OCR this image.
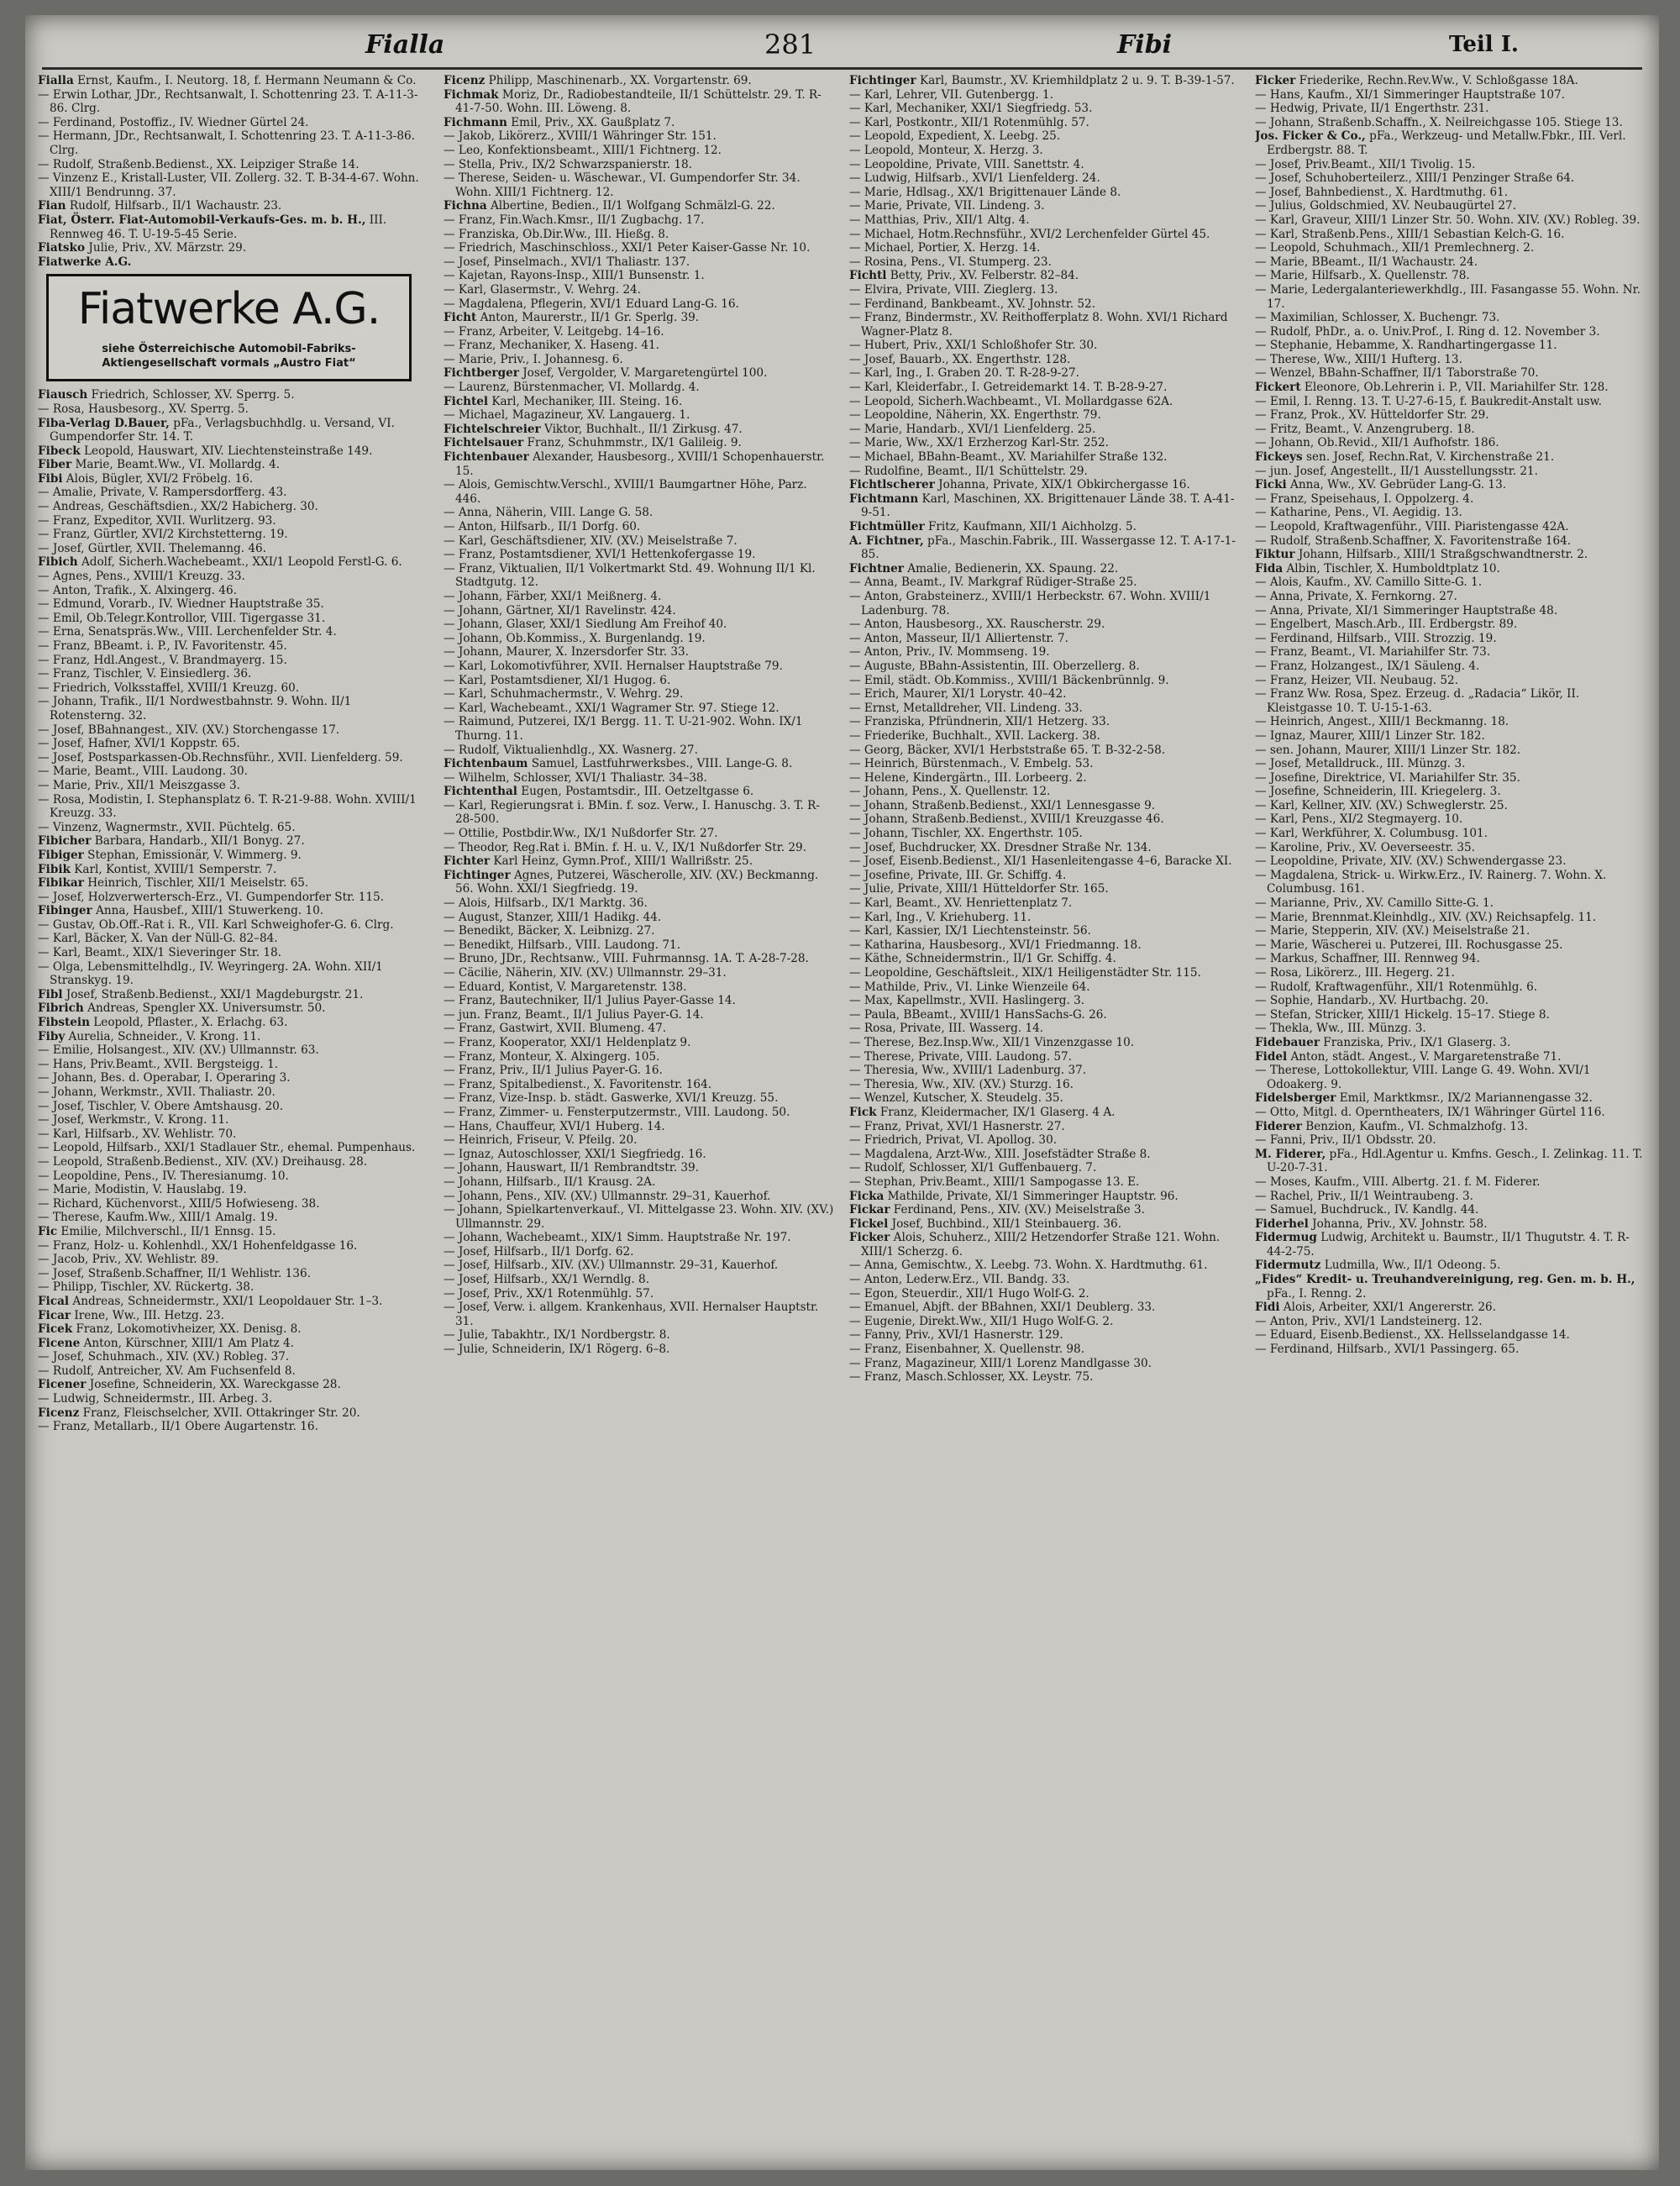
Fialla	281	Fibi	Teil I.

Fialla Ernst, Kaufm., I. Neutorg. 18, f. Hermann Neumann & Co.

— Erwin Lothar, JDr., Rechtsanwalt, I. Schottenring 23. T. A-11-3-86. Clrg.

— Ferdinand, Postoffiz., IV. Wiedner Gürtel 24.

— Hermann, JDr., Rechtsanwalt, I. Schottenring 23. T. A-11-3-86. Clrg.

— Rudolf, Straßenb.Bedienst., XX. Leipziger Straße 14.

— Vinzenz E., Kristall-Luster, VII. Zollerg. 32. T. B-34-4-67. Wohn. XIII/1 Bendrunng. 37.

Fian Rudolf, Hilfsarb., II/1 Wachaustr. 23.

Fiat, Österr. Fiat-Automobil-Verkaufs-Ges. m. b. H., III. Rennweg 46. T. U-19-5-45 Serie.

Fiatsko Julie, Priv., XV. Märzstr. 29.

Fiatwerke A.G.

Fiatwerke A.G.
siehe Österreichische Automobil-Fabriks-Aktiengesellschaft vormals „Austro Fiat“

Fiausch Friedrich, Schlosser, XV. Sperrg. 5.

— Rosa, Hausbesorg., XV. Sperrg. 5.

Fiba-Verlag D.Bauer, pFa., Verlagsbuchhdlg. u. Versand, VI. Gumpendorfer Str. 14. T.

Fibeck Leopold, Hauswart, XIV. Liechtensteinstraße 149.

Fiber Marie, Beamt.Ww., VI. Mollardg. 4.

Fibi Alois, Bügler, XVI/2 Fröbelg. 16.

— Amalie, Private, V. Rampersdorfferg. 43.

— Andreas, Geschäftsdien., XX/2 Habicherg. 30.

— Franz, Expeditor, XVII. Wurlitzerg. 93.

— Franz, Gürtler, XVI/2 Kirchstetterng. 19.

— Josef, Gürtler, XVII. Thelemanng. 46.

Fibich Adolf, Sicherh.Wachebeamt., XXI/1 Leopold Ferstl-G. 6.

— Agnes, Pens., XVIII/1 Kreuzg. 33.

— Anton, Trafik., X. Alxingerg. 46.

— Edmund, Vorarb., IV. Wiedner Hauptstraße 35.

— Emil, Ob.Telegr.Kontrollor, VIII. Tigergasse 31.

— Erna, Senatspräs.Ww., VIII. Lerchenfelder Str. 4.

— Franz, BBeamt. i. P., IV. Favoritenstr. 45.

— Franz, Hdl.Angest., V. Brandmayerg. 15.

— Franz, Tischler, V. Einsiedlerg. 36.

— Friedrich, Volksstaffel, XVIII/1 Kreuzg. 60.

— Johann, Trafik., II/1 Nordwestbahnstr. 9. Wohn. II/1 Rotensterng. 32.

— Josef, BBahnangest., XIV. (XV.) Storchengasse 17.

— Josef, Hafner, XVI/1 Koppstr. 65.

— Josef, Postsparkassen-Ob.Rechnsführ., XVII. Lienfelderg. 59.

— Marie, Beamt., VIII. Laudong. 30.

— Marie, Priv., XII/1 Meiszgasse 3.

— Rosa, Modistin, I. Stephansplatz 6. T. R-21-9-88. Wohn. XVIII/1 Kreuzg. 33.

— Vinzenz, Wagnermstr., XVII. Püchtelg. 65.

Fibicher Barbara, Handarb., XII/1 Bonyg. 27.

Fibiger Stephan, Emissionär, V. Wimmerg. 9.

Fibik Karl, Kontist, XVIII/1 Semperstr. 7.

Fibikar Heinrich, Tischler, XII/1 Meiselstr. 65.

— Josef, Holzverwertersch-Erz., VI. Gumpendorfer Str. 115.

Fibinger Anna, Hausbef., XIII/1 Stuwerkeng. 10.

— Gustav, Ob.Off.-Rat i. R., VII. Karl Schweighofer-G. 6. Clrg.

— Karl, Bäcker, X. Van der Nüll-G. 82–84.

— Karl, Beamt., XIX/1 Sieveringer Str. 18.

— Olga, Lebensmittelhdlg., IV. Weyringerg. 2A. Wohn. XII/1 Stranskyg. 19.

Fibl Josef, Straßenb.Bedienst., XXI/1 Magdeburgstr. 21.

Fibrich Andreas, Spengler XX. Universumstr. 50.

Fibstein Leopold, Pflaster., X. Erlachg. 63.

Fiby Aurelia, Schneider., V. Krong. 11.

— Emilie, Holsangest., XIV. (XV.) Ullmannstr. 63.

— Hans, Priv.Beamt., XVII. Bergsteigg. 1.

— Johann, Bes. d. Operabar, I. Operaring 3.

— Johann, Werkmstr., XVII. Thaliastr. 20.

— Josef, Tischler, V. Obere Amtshausg. 20.

— Josef, Werkmstr., V. Krong. 11.

— Karl, Hilfsarb., XV. Wehlistr. 70.

— Leopold, Hilfsarb., XXI/1 Stadlauer Str., ehemal. Pumpenhaus.

— Leopold, Straßenb.Bedienst., XIV. (XV.) Dreihausg. 28.

— Leopoldine, Pens., IV. Theresianumg. 10.

— Marie, Modistin, V. Hauslabg. 19.

— Richard, Küchenvorst., XIII/5 Hofwieseng. 38.

— Therese, Kaufm.Ww., XIII/1 Amalg. 19.

Fic Emilie, Milchverschl., II/1 Ennsg. 15.

— Franz, Holz- u. Kohlenhdl., XX/1 Hohenfeldgasse 16.

— Jacob, Priv., XV. Wehlistr. 89.

— Josef, Straßenb.Schaffner, II/1 Wehlistr. 136.

— Philipp, Tischler, XV. Rückertg. 38.

Fical Andreas, Schneidermstr., XXI/1 Leopoldauer Str. 1–3.

Ficar Irene, Ww., III. Hetzg. 23.

Ficek Franz, Lokomotivheizer, XX. Denisg. 8.

Ficene Anton, Kürschner, XIII/1 Am Platz 4.

— Josef, Schuhmach., XIV. (XV.) Robleg. 37.

— Rudolf, Antreicher, XV. Am Fuchsenfeld 8.

Ficener Josefine, Schneiderin, XX. Wareckgasse 28.

— Ludwig, Schneidermstr., III. Arbeg. 3.

Ficenz Franz, Fleischselcher, XVII. Ottakringer Str. 20.

— Franz, Metallarb., II/1 Obere Augartenstr. 16.

Ficenz Philipp, Maschinenarb., XX. Vorgartenstr. 69.

Fichmak Moriz, Dr., Radiobestandteile, II/1 Schüttelstr. 29. T. R-41-7-50. Wohn. III. Löweng. 8.

Fichmann Emil, Priv., XX. Gaußplatz 7.

— Jakob, Likörerz., XVIII/1 Währinger Str. 151.

— Leo, Konfektionsbeamt., XIII/1 Fichtnerg. 12.

— Stella, Priv., IX/2 Schwarzspanierstr. 18.

— Therese, Seiden- u. Wäschewar., VI. Gumpendorfer Str. 34. Wohn. XIII/1 Fichtnerg. 12.

Fichna Albertine, Bedien., II/1 Wolfgang Schmälzl-G. 22.

— Franz, Fin.Wach.Kmsr., II/1 Zugbachg. 17.

— Franziska, Ob.Dir.Ww., III. Hießg. 8.

— Friedrich, Maschinschloss., XXI/1 Peter Kaiser-Gasse Nr. 10.

— Josef, Pinselmach., XVI/1 Thaliastr. 137.

— Kajetan, Rayons-Insp., XIII/1 Bunsenstr. 1.

— Karl, Glasermstr., V. Wehrg. 24.

— Magdalena, Pflegerin, XVI/1 Eduard Lang-G. 16.

Ficht Anton, Maurerstr., II/1 Gr. Sperlg. 39.

— Franz, Arbeiter, V. Leitgebg. 14–16.

— Franz, Mechaniker, X. Haseng. 41.

— Marie, Priv., I. Johannesg. 6.

Fichtberger Josef, Vergolder, V. Margaretengürtel 100.

— Laurenz, Bürstenmacher, VI. Mollardg. 4.

Fichtel Karl, Mechaniker, III. Steing. 16.

— Michael, Magazineur, XV. Langauerg. 1.

Fichtelschreier Viktor, Buchhalt., II/1 Zirkusg. 47.

Fichtelsauer Franz, Schuhmmstr., IX/1 Galileig. 9.

Fichtenbauer Alexander, Hausbesorg., XVIII/1 Schopenhauerstr. 15.

— Alois, Gemischtw.Verschl., XVIII/1 Baumgartner Höhe, Parz. 446.

— Anna, Näherin, VIII. Lange G. 58.

— Anton, Hilfsarb., II/1 Dorfg. 60.

— Karl, Geschäftsdiener, XIV. (XV.) Meiselstraße 7.

— Franz, Postamtsdiener, XVI/1 Hettenkofergasse 19.

— Franz, Viktualien, II/1 Volkertmarkt Std. 49. Wohnung II/1 Kl. Stadtgutg. 12.

— Johann, Färber, XXI/1 Meißnerg. 4.

— Johann, Gärtner, XI/1 Ravelinstr. 424.

— Johann, Glaser, XXI/1 Siedlung Am Freihof 40.

— Johann, Ob.Kommiss., X. Burgenlandg. 19.

— Johann, Maurer, X. Inzersdorfer Str. 33.

— Karl, Lokomotivführer, XVII. Hernalser Hauptstraße 79.

— Karl, Postamtsdiener, XI/1 Hugog. 6.

— Karl, Schuhmachermstr., V. Wehrg. 29.

— Karl, Wachebeamt., XXI/1 Wagramer Str. 97. Stiege 12.

— Raimund, Putzerei, IX/1 Bergg. 11. T. U-21-902. Wohn. IX/1 Thurng. 11.

— Rudolf, Viktualienhdlg., XX. Wasnerg. 27.

Fichtenbaum Samuel, Lastfuhrwerksbes., VIII. Lange-G. 8.

— Wilhelm, Schlosser, XVI/1 Thaliastr. 34–38.

Fichtenthal Eugen, Postamtsdir., III. Oetzeltgasse 6.

— Karl, Regierungsrat i. BMin. f. soz. Verw., I. Hanuschg. 3. T. R-28-500.

— Ottilie, Postbdir.Ww., IX/1 Nußdorfer Str. 27.

— Theodor, Reg.Rat i. BMin. f. H. u. V., IX/1 Nußdorfer Str. 29.

Fichter Karl Heinz, Gymn.Prof., XIII/1 Wallrißstr. 25.

Fichtinger Agnes, Putzerei, Wäscherolle, XIV. (XV.) Beckmanng. 56. Wohn. XXI/1 Siegfriedg. 19.

— Alois, Hilfsarb., IX/1 Marktg. 36.

— August, Stanzer, XIII/1 Hadikg. 44.

— Benedikt, Bäcker, X. Leibnizg. 27.

— Benedikt, Hilfsarb., VIII. Laudong. 71.

— Bruno, JDr., Rechtsanw., VIII. Fuhrmannsg. 1A. T. A-28-7-28.

— Cäcilie, Näherin, XIV. (XV.) Ullmannstr. 29–31.

— Eduard, Kontist, V. Margaretenstr. 138.

— Franz, Bautechniker, II/1 Julius Payer-Gasse 14.

— jun. Franz, Beamt., II/1 Julius Payer-G. 14.

— Franz, Gastwirt, XVII. Blumeng. 47.

— Franz, Kooperator, XXI/1 Heldenplatz 9.

— Franz, Monteur, X. Alxingerg. 105.

— Franz, Priv., II/1 Julius Payer-G. 16.

— Franz, Spitalbedienst., X. Favoritenstr. 164.

— Franz, Vize-Insp. b. städt. Gaswerke, XVI/1 Kreuzg. 55.

— Franz, Zimmer- u. Fensterputzermstr., VIII. Laudong. 50.

— Hans, Chauffeur, XVI/1 Huberg. 14.

— Heinrich, Friseur, V. Pfeilg. 20.

— Ignaz, Autoschlosser, XXI/1 Siegfriedg. 16.

— Johann, Hauswart, II/1 Rembrandtstr. 39.

— Johann, Hilfsarb., II/1 Krausg. 2A.

— Johann, Pens., XIV. (XV.) Ullmannstr. 29–31, Kauerhof.

— Johann, Spielkartenverkauf., VI. Mittelgasse 23. Wohn. XIV. (XV.) Ullmannstr. 29.

— Johann, Wachebeamt., XIX/1 Simm. Hauptstraße Nr. 197.

— Josef, Hilfsarb., II/1 Dorfg. 62.

— Josef, Hilfsarb., XIV. (XV.) Ullmannstr. 29–31, Kauerhof.

— Josef, Hilfsarb., XX/1 Werndlg. 8.

— Josef, Priv., XX/1 Rotenmühlg. 57.

— Josef, Verw. i. allgem. Krankenhaus, XVII. Hernalser Hauptstr. 31.

— Julie, Tabakhtr., IX/1 Nordbergstr. 8.

— Julie, Schneiderin, IX/1 Rögerg. 6–8.

Fichtinger Karl, Baumstr., XV. Kriemhildplatz 2 u. 9. T. B-39-1-57.

— Karl, Lehrer, VII. Gutenbergg. 1.

— Karl, Mechaniker, XXI/1 Siegfriedg. 53.

— Karl, Postkontr., XII/1 Rotenmühlg. 57.

— Leopold, Expedient, X. Leebg. 25.

— Leopold, Monteur, X. Herzg. 3.

— Leopoldine, Private, VIII. Sanettstr. 4.

— Ludwig, Hilfsarb., XVI/1 Lienfelderg. 24.

— Marie, Hdlsag., XX/1 Brigittenauer Lände 8.

— Marie, Private, VII. Lindeng. 3.

— Matthias, Priv., XII/1 Altg. 4.

— Michael, Hotm.Rechnsführ., XVI/2 Lerchenfelder Gürtel 45.

— Michael, Portier, X. Herzg. 14.

— Rosina, Pens., VI. Stumperg. 23.

Fichtl Betty, Priv., XV. Felberstr. 82–84.

— Elvira, Private, VIII. Zieglerg. 13.

— Ferdinand, Bankbeamt., XV. Johnstr. 52.

— Franz, Bindermstr., XV. Reithofferplatz 8. Wohn. XVI/1 Richard Wagner-Platz 8.

— Hubert, Priv., XXI/1 Schloßhofer Str. 30.

— Josef, Bauarb., XX. Engerthstr. 128.

— Karl, Ing., I. Graben 20. T. R-28-9-27.

— Karl, Kleiderfabr., I. Getreidemarkt 14. T. B-28-9-27.

— Leopold, Sicherh.Wachbeamt., VI. Mollardgasse 62A.

— Leopoldine, Näherin, XX. Engerthstr. 79.

— Marie, Handarb., XVI/1 Lienfelderg. 25.

— Marie, Ww., XX/1 Erzherzog Karl-Str. 252.

— Michael, BBahn-Beamt., XV. Mariahilfer Straße 132.

— Rudolfine, Beamt., II/1 Schüttelstr. 29.

Fichtlscherer Johanna, Private, XIX/1 Obkirchergasse 16.

Fichtmann Karl, Maschinen, XX. Brigittenauer Lände 38. T. A-41-9-51.

Fichtmüller Fritz, Kaufmann, XII/1 Aichholzg. 5.

A. Fichtner, pFa., Maschin.Fabrik., III. Wassergasse 12. T. A-17-1-85.

Fichtner Amalie, Bedienerin, XX. Spaung. 22.

— Anna, Beamt., IV. Markgraf Rüdiger-Straße 25.

— Anton, Grabsteinerz., XVIII/1 Herbeckstr. 67. Wohn. XVIII/1 Ladenburg. 78.

— Anton, Hausbesorg., XX. Rauscherstr. 29.

— Anton, Masseur, II/1 Alliertenstr. 7.

— Anton, Priv., IV. Mommseng. 19.

— Auguste, BBahn-Assistentin, III. Oberzellerg. 8.

— Emil, städt. Ob.Kommiss., XVIII/1 Bäckenbrünnlg. 9.

— Erich, Maurer, XI/1 Lorystr. 40–42.

— Ernst, Metalldreher, VII. Lindeng. 33.

— Franziska, Pfründnerin, XII/1 Hetzerg. 33.

— Friederike, Buchhalt., XVII. Lackerg. 38.

— Georg, Bäcker, XVI/1 Herbststraße 65. T. B-32-2-58.

— Heinrich, Bürstenmach., V. Embelg. 53.

— Helene, Kindergärtn., III. Lorbeerg. 2.

— Johann, Pens., X. Quellenstr. 12.

— Johann, Straßenb.Bedienst., XXI/1 Lennesgasse 9.

— Johann, Straßenb.Bedienst., XVIII/1 Kreuzgasse 46.

— Johann, Tischler, XX. Engerthstr. 105.

— Josef, Buchdrucker, XX. Dresdner Straße Nr. 134.

— Josef, Eisenb.Bedienst., XI/1 Hasenleitengasse 4–6, Baracke XI.

— Josefine, Private, III. Gr. Schiffg. 4.

— Julie, Private, XIII/1 Hütteldorfer Str. 165.

— Karl, Beamt., XV. Henriettenplatz 7.

— Karl, Ing., V. Kriehuberg. 11.

— Karl, Kassier, IX/1 Liechtensteinstr. 56.

— Katharina, Hausbesorg., XVI/1 Friedmanng. 18.

— Käthe, Schneidermstrin., II/1 Gr. Schiffg. 4.

— Leopoldine, Geschäftsleit., XIX/1 Heiligenstädter Str. 115.

— Mathilde, Priv., VI. Linke Wienzeile 64.

— Max, Kapellmstr., XVII. Haslingerg. 3.

— Paula, BBeamt., XVIII/1 HansSachs-G. 26.

— Rosa, Private, III. Wasserg. 14.

— Therese, Bez.Insp.Ww., XII/1 Vinzenzgasse 10.

— Therese, Private, VIII. Laudong. 57.

— Theresia, Ww., XVIII/1 Ladenburg. 37.

— Theresia, Ww., XIV. (XV.) Sturzg. 16.

— Wenzel, Kutscher, X. Steudelg. 35.

Fick Franz, Kleidermacher, IX/1 Glaserg. 4 A.

— Franz, Privat, XVI/1 Hasnerstr. 27.

— Friedrich, Privat, VI. Apollog. 30.

— Magdalena, Arzt-Ww., XIII. Josefstädter Straße 8.

— Rudolf, Schlosser, XI/1 Guffenbauerg. 7.

— Stephan, Priv.Beamt., XIII/1 Sampogasse 13. E.

Ficka Mathilde, Private, XI/1 Simmeringer Hauptstr. 96.

Fickar Ferdinand, Pens., XIV. (XV.) Meiselstraße 3.

Fickel Josef, Buchbind., XII/1 Steinbauerg. 36.

Ficker Alois, Schuherz., XIII/2 Hetzendorfer Straße 121. Wohn. XIII/1 Scherzg. 6.

— Anna, Gemischtw., X. Leebg. 73. Wohn. X. Hardtmuthg. 61.

— Anton, Lederw.Erz., VII. Bandg. 33.

— Egon, Steuerdir., XII/1 Hugo Wolf-G. 2.

— Emanuel, Abjft. der BBahnen, XXI/1 Deublerg. 33.

— Eugenie, Direkt.Ww., XII/1 Hugo Wolf-G. 2.

— Fanny, Priv., XVI/1 Hasnerstr. 129.

— Franz, Eisenbahner, X. Quellenstr. 98.

— Franz, Magazineur, XIII/1 Lorenz Mandlgasse 30.

— Franz, Masch.Schlosser, XX. Leystr. 75.

Ficker Friederike, Rechn.Rev.Ww., V. Schloßgasse 18A.

— Hans, Kaufm., XI/1 Simmeringer Hauptstraße 107.

— Hedwig, Private, II/1 Engerthstr. 231.

— Johann, Straßenb.Schaffn., X. Neilreichgasse 105. Stiege 13.

Jos. Ficker & Co., pFa., Werkzeug- und Metallw.Fbkr., III. Verl. Erdbergstr. 88. T.

— Josef, Priv.Beamt., XII/1 Tivolig. 15.

— Josef, Schuhoberteilerz., XIII/1 Penzinger Straße 64.

— Josef, Bahnbedienst., X. Hardtmuthg. 61.

— Julius, Goldschmied, XV. Neubaugürtel 27.

— Karl, Graveur, XIII/1 Linzer Str. 50. Wohn. XIV. (XV.) Robleg. 39.

— Karl, Straßenb.Pens., XIII/1 Sebastian Kelch-G. 16.

— Leopold, Schuhmach., XII/1 Premlechnerg. 2.

— Marie, BBeamt., II/1 Wachaustr. 24.

— Marie, Hilfsarb., X. Quellenstr. 78.

— Marie, Ledergalanteriewerkhdlg., III. Fasangasse 55. Wohn. Nr. 17.

— Maximilian, Schlosser, X. Buchengr. 73.

— Rudolf, PhDr., a. o. Univ.Prof., I. Ring d. 12. November 3.

— Stephanie, Hebamme, X. Randhartingergasse 11.

— Therese, Ww., XIII/1 Hufterg. 13.

— Wenzel, BBahn-Schaffner, II/1 Taborstraße 70.

Fickert Eleonore, Ob.Lehrerin i. P., VII. Mariahilfer Str. 128.

— Emil, I. Renng. 13. T. U-27-6-15, f. Baukredit-Anstalt usw.

— Franz, Prok., XV. Hütteldorfer Str. 29.

— Fritz, Beamt., V. Anzengruberg. 18.

— Johann, Ob.Revid., XII/1 Aufhofstr. 186.

Fickeys sen. Josef, Rechn.Rat, V. Kirchenstraße 21.

— jun. Josef, Angestellt., II/1 Ausstellungsstr. 21.

Ficki Anna, Ww., XV. Gebrüder Lang-G. 13.

— Franz, Speisehaus, I. Oppolzerg. 4.

— Katharine, Pens., VI. Aegidig. 13.

— Leopold, Kraftwagenführ., VIII. Piaristengasse 42A.

— Rudolf, Straßenb.Schaffner, X. Favoritenstraße 164.

Fiktur Johann, Hilfsarb., XIII/1 Straßgschwandtnerstr. 2.

Fida Albin, Tischler, X. Humboldtplatz 10.

— Alois, Kaufm., XV. Camillo Sitte-G. 1.

— Anna, Private, X. Fernkorng. 27.

— Anna, Private, XI/1 Simmeringer Hauptstraße 48.

— Engelbert, Masch.Arb., III. Erdbergstr. 89.

— Ferdinand, Hilfsarb., VIII. Strozzig. 19.

— Franz, Beamt., VI. Mariahilfer Str. 73.

— Franz, Holzangest., IX/1 Säuleng. 4.

— Franz, Heizer, VII. Neubaug. 52.

— Franz Ww. Rosa, Spez. Erzeug. d. „Radacia“ Likör, II. Kleistgasse 10. T. U-15-1-63.

— Heinrich, Angest., XIII/1 Beckmanng. 18.

— Ignaz, Maurer, XIII/1 Linzer Str. 182.

— sen. Johann, Maurer, XIII/1 Linzer Str. 182.

— Josef, Metalldruck., III. Münzg. 3.

— Josefine, Direktrice, VI. Mariahilfer Str. 35.

— Josefine, Schneiderin, III. Kriegelerg. 3.

— Karl, Kellner, XIV. (XV.) Schweglerstr. 25.

— Karl, Pens., XI/2 Stegmayerg. 10.

— Karl, Werkführer, X. Columbusg. 101.

— Karoline, Priv., XV. Oeverseestr. 35.

— Leopoldine, Private, XIV. (XV.) Schwendergasse 23.

— Magdalena, Strick- u. Wirkw.Erz., IV. Rainerg. 7. Wohn. X. Columbusg. 161.

— Marianne, Priv., XV. Camillo Sitte-G. 1.

— Marie, Brennmat.Kleinhdlg., XIV. (XV.) Reichsapfelg. 11.

— Marie, Stepperin, XIV. (XV.) Meiselstraße 21.

— Marie, Wäscherei u. Putzerei, III. Rochusgasse 25.

— Markus, Schaffner, III. Rennweg 94.

— Rosa, Likörerz., III. Hegerg. 21.

— Rudolf, Kraftwagenführ., XII/1 Rotenmühlg. 6.

— Sophie, Handarb., XV. Hurtbachg. 20.

— Stefan, Stricker, XIII/1 Hickelg. 15–17. Stiege 8.

— Thekla, Ww., III. Münzg. 3.

Fidebauer Franziska, Priv., IX/1 Glaserg. 3.

Fidel Anton, städt. Angest., V. Margaretenstraße 71.

— Therese, Lottokollektur, VIII. Lange G. 49. Wohn. XVI/1 Odoakerg. 9.

Fidelsberger Emil, Marktkmsr., IX/2 Mariannengasse 32.

— Otto, Mitgl. d. Operntheaters, IX/1 Währinger Gürtel 116.

Fiderer Benzion, Kaufm., VI. Schmalzhofg. 13.

— Fanni, Priv., II/1 Obdsstr. 20.

M. Fiderer, pFa., Hdl.Agentur u. Kmfns. Gesch., I. Zelinkag. 11. T. U-20-7-31.

— Moses, Kaufm., VIII. Albertg. 21. f. M. Fiderer.

— Rachel, Priv., II/1 Weintraubeng. 3.

— Samuel, Buchdruck., IV. Kandlg. 44.

Fiderhel Johanna, Priv., XV. Johnstr. 58.

Fidermug Ludwig, Architekt u. Baumstr., II/1 Thugutstr. 4. T. R-44-2-75.

Fidermutz Ludmilla, Ww., II/1 Odeong. 5.

„Fides“ Kredit- u. Treuhandvereinigung, reg. Gen. m. b. H., pFa., I. Renng. 2.

Fidi Alois, Arbeiter, XXI/1 Angererstr. 26.

— Anton, Priv., XVI/1 Landsteinerg. 12.

— Eduard, Eisenb.Bedienst., XX. Hellsselandgasse 14.

— Ferdinand, Hilfsarb., XVI/1 Passingerg. 65.
